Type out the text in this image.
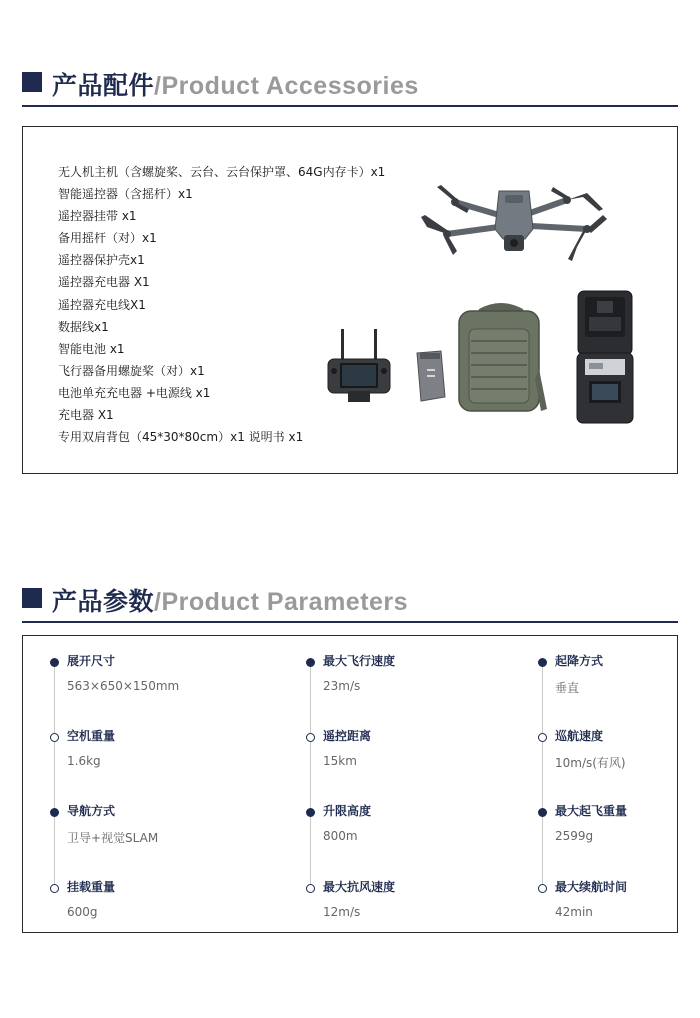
产品配件/Product Accessories
无人机主机（含螺旋桨、云台、云台保护罩、64G内存卡）x1
智能遥控器（含摇杆）x1
遥控器挂带 x1
备用摇杆（对）x1
遥控器保护壳x1
遥控器充电器 X1
遥控器充电线X1
数据线x1
智能电池 x1
飞行器备用螺旋桨（对）x1
电池单充充电器 +电源线 x1
充电器 X1
专用双肩背包（45*30*80cm）x1 说明书 x1
产品参数/Product Parameters
展开尺寸
563×650×150mm
空机重量
1.6kg
导航方式
卫导+视觉SLAM
挂载重量
600g
最大飞行速度
23m/s
遥控距离
15km
升限高度
800m
最大抗风速度
12m/s
起降方式
垂直
巡航速度
10m/s(有风)
最大起飞重量
2599g
最大续航时间
42min
